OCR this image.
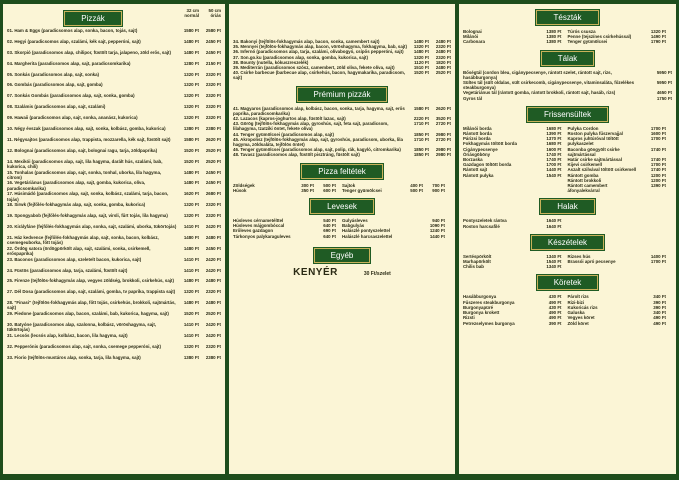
Pizzák
32 cm normál
50 cm óriás
01. Ham & Eggs (paradicsomos alap, sonka, bacon, tojás, sajt)	1580 Ft	2580 Ft
02. Hegyi (paradicsomos alap, szalámi, kék sajt, pepperóni, sajt)	1480 Ft	2450 Ft
03. Skorpió (paradicsomos alap, chilipor, füstölt tarja, jalapeno, zöld erős, sajt)	1480 Ft	2450 Ft
04. Margherita (paradicsomos alap, sajt, paradicsomkarika)	1280 Ft	2150 Ft
05. Sonkás (paradicsomos alap, sajt, sonka)	1320 Ft	2320 Ft
06. Gombás (paradicsomos alap, sajt, gomba)	1320 Ft	2320 Ft
07. Sonkás Gombás (paradicsomos alap, sajt, sonka, gomba)	1320 Ft	2320 Ft
08. Szalámis (paradicsomos alap, sajt, szalámi)	1320 Ft	2320 Ft
09. Hawaii (paradicsomos alap, sajt, sonka, ananász, kukorica)	1320 Ft	2320 Ft
10. Négy évszak (paradicsomos alap, sajt, sonka, kolbász, gomba, kukorica)	1380 Ft	2380 Ft
11. Négysajtos (paradicsomos alap, trappista, mozzarella, kék sajt, füstölt sajt)	1580 Ft	2620 Ft
12. Bolognai (paradicsomos alap, sajt, bolognai ragu, tarja, zöldpaprika)	1520 Ft	2520 Ft
14. Mexikói (paradicsomos alap, sajt, lila hagyma, darált hús, szalámi, bab, kukorica, chili)
1520 Ft	2520 Ft
15. Tonhalas (paradicsomos alap, sajt, sonka, tonhal, uborka, lila hagyma, citrom)
1480 Ft	2450 Ft
16. Vegetáriánus (paradicsomos alap, sajt, gomba, kukorica, olíva, paradicsomkarika)
1480 Ft	2450 Ft
17. Húsimádó (paradicsomos alap, sajt, sonka, kolbász, szalámi, tarja, bacon, tojás)
1620 Ft	2680 Ft
18. Sirwk (fejfőlés-fokhagymás alap, sajt, sonka, gomba, kukorica)	1320 Ft	2320 Ft
19. Spongyabob (fejfőlés-fokhagymás alap, sajt, virsli, fűrt tojás, lila hagyma)	1320 Ft	2320 Ft
20. Királyfáne (fejfőlés-fokhagymás alap, sonka, sajt, szalámi, uborka, tükörtojás)	1410 Ft	2420 Ft
21. Ház kedvence (fejfőlés-fokhagymás alap, sajt, sonka, bacon, kolbász, csemegeuborka, főtt tojás)
1480 Ft	2480 Ft
22. Ördög satora (ördögpörkölt alap, sajt, szalámi, sonka, csirkemell, erőspaprika)
1480 Ft	2450 Ft
23. Baconos (paradicsomos alap, szeletelt bacon, kukorica, sajt)	1410 Ft	2420 Ft
24. Füstös (paradicsomos alap, tarja, szalámi, füstölt sajt)	1410 Ft	2420 Ft
25. Firenze (tejfölös-fokhagymás alap, vegyes zöldség, brokkoli, csirkehús, sajt)	1480 Ft	2480 Ft
27. Dél Dosa (paradicsomos alap, sajt, szalámi, gomba, tv paprika, trappista sajt)	1320 Ft	2320 Ft
28. "Finasi" (tejfölös-fokhagymás alap, főtt tojás, csirkehús, brokkoli, sajtmártás, sajt)
1480 Ft	2480 Ft
29. Piedone (paradicsomos alap, bacon, szalámi, bab, kukorica, hagyma, sajt)	1520 Ft	2520 Ft
30. Batyóne (paradicsomos alap, szalonna, kolbász, vöröshagyma, sajt, tükörtojás)
1410 Ft	2420 Ft
31. Lecsós (lecsós alap, kolbász, bacon, lila hagyma, sajt)	1410 Ft	2420 Ft
32. Pepperónis (paradicsomos alap, sajt, sonka, csemege pepperóni, sajt)	1320 Ft	2320 Ft
33. Fiorio (tejfölös-mustáros alap, sonka, tarja, lila hagyma, sajt)	1380 Ft	2380 Ft
34. Bakonyi (tejfölös-fokhagymás alap, bacon, sonka, camembert sajt)	1480 Ft	2480 Ft
35. Mennyei (tejfölös-fokhagymás alap, bacon, vöröshagyma, fokhagyma, bab, sajt)	1320 Ft	2320 Ft
36. Infernó (paradicsomos alap, tarja, szalámi, olívabogyó, csípős pepperóni, sajt)	1480 Ft	2480 Ft
37. Son.go.ku (paradicsomos alap, sonka, gomba, kukorica, sajt)	1320 Ft	2320 Ft
38. Bounty (nutella, kókuszreszelék)	1120 Ft	1820 Ft
39. Mediterrán (paradicsomos szósz, camembert, zöld olíva, fekete olíva, sajt)	1510 Ft	2480 Ft
40. Csirke barbecue (barbecue alap, csirkehús, bacon, hagymakarika, paradicsom, sajt)
1520 Ft	2520 Ft
Prémium pizzák
41. Magyaros (paradicsomos alap, kolbász, bacon, sonka, tarja, hagyma, sajt, erős paprika, paradicsomkarika)
1580 Ft	2620 Ft
42. Lazacos (kapros-joghurtos alap, füstölt lazac, sajt)	2220 Ft	3520 Ft
43. Görög (tejfölös-fokhagymás alap, gyroshús, sajt, feta sajt, paradicsom, lilahagyma, tzatziki öntet, fekete olíva)
1710 Ft	2720 Ft
44. Tenger gyümölcsei (paradicsomos alap, sajt)	1850 Ft	2980 Ft
45. Akropolisz (tejfölös-fokhagymás alap, sajt, gyroshús, paradicsom, uborka, lila hagyma, zöldsaláta, tejfölös öntet)
1710 Ft	2720 Ft
46. Tenger gyümölcsei (paradicsomos alap, sajt, polip, rák, kagyló, citromkarika)	1850 Ft	2980 Ft
48. Tavasz (paradicsomos alap, füstölt pisztráng, füstölt sajt)	1850 Ft	2980 Ft
Pizza feltétek
Zöldségek	300 Ft	500 Ft
Húsok	350 Ft	600 Ft
Sajtok	400 Ft	700 Ft
Tenger gyümölcsei	500 Ft	900 Ft
Levesek
Húsleves cérnametélttel	540 Ft
Húsleves májgombóccal	640 Ft
Erőleves gazdagon	690 Ft
Tárkonyos palykaraguleves	640 Ft
Gulyásleves	940 Ft
Babgulyás	1090 Ft
Halászlé pontyszelettel	1240 Ft
Halászlé harcsaszelettel	1440 Ft
Egyéb
KENYÉR	30 Ft/szelet
Tészták
Bolognai	1380 Ft
Milánói	1380 Ft
Carbonara	1380 Ft
Túrós csusza	1320 Ft
Penne (tejszínes csirkehússal)	1490 Ft
Tenger gyümölcsei	1790 Ft
Tálak
Bőségtál (cordon bleu, cigánypecsenye, rántott szelet, rántott sajt, rizs, hasábburgonya)
5950 Ft
Sültes tál (sült oldalas, sült csirkecomb, cigánypecsenye, vitaminsaláta, főzelékes steakburgonya)
5950 Ft
Vegetáriánus tál (rántott gomba, rántott brokkoli, rántott sajt, hasáb, rizs)	4650 Ft
Gyros tál	1750 Ft
Frissensültek
Milánói borda	1680 Ft
Rántott borda	1390 Ft
Párizsi borda	1370 Ft
Fokhagymás töltött borda	1680 Ft
Cigánypecsenye	1600 Ft
Óriásgöböny	1740 Ft
Borzaska	1740 Ft
Gazdagon töltött borda	1700 Ft
Rántott sajt	1440 Ft
Rántott pulyka	1540 Ft
Pulyka Cordon	1700 Ft
Roston pulyka fűszervajjal	1600 Ft
Kapros juhtúróval töltött pulykaszelet
1700 Ft
Baconba göngyölt csirke sajtmártással
1740 Ft
Határ csirke sajtmártással	1740 Ft
Kijevi csirkemell	1700 Ft
Aszalt szilvával töltött csirkemell	1740 Ft
Rántott gomba	1200 Ft
Rántott brokkoli	1200 Ft
Rántott camembert áfonyalekvárral
1390 Ft
Halak
Pontyszeletek rántva	1640 Ft
Roston harcsafilé	1640 Ft
Készételek
Sertéspörkölt	1340 Ft
Marhapörkölt	1540 Ft
Chilis bab	1340 Ft
Rizses hús	1400 Ft
Brassói apró pecsenye	1700 Ft
Köretek
Hasábburgonya	430 Ft
Fűszeres steakburgonya	490 Ft
Burgonyapüré	430 Ft
Burgonya krokett	490 Ft
Rizsti	490 Ft
Petrezselymes burgonya	390 Ft
Párolt rizs	340 Ft
Rizi-bizi	390 Ft
Kukoricás rizs	390 Ft
Galuska	340 Ft
Vegyes köret	490 Ft
Zöld köret	490 Ft
